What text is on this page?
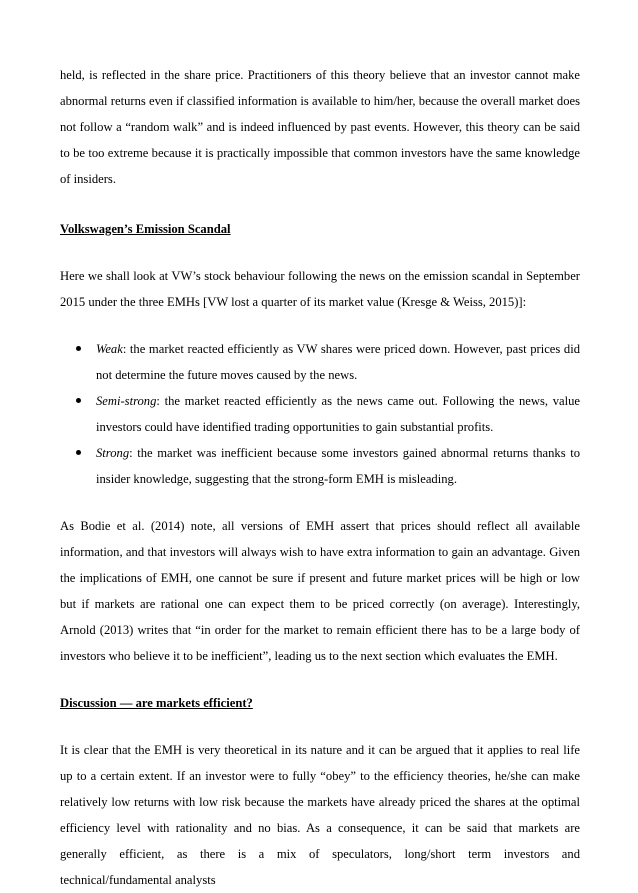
held, is reflected in the share price. Practitioners of this theory believe that an investor cannot make abnormal returns even if classified information is available to him/her, because the overall market does not follow a “random walk” and is indeed influenced by past events. However, this theory can be said to be too extreme because it is practically impossible that common investors have the same knowledge of insiders.

Volkswagen’s Emission Scandal

Here we shall look at VW’s stock behaviour following the news on the emission scandal in September 2015 under the three EMHs [VW lost a quarter of its market value (Kresge & Weiss, 2015)]:

Weak: the market reacted efficiently as VW shares were priced down. However, past prices did not determine the future moves caused by the news.
Semi-strong: the market reacted efficiently as the news came out. Following the news, value investors could have identified trading opportunities to gain substantial profits.
Strong: the market was inefficient because some investors gained abnormal returns thanks to insider knowledge, suggesting that the strong-form EMH is misleading.

As Bodie et al. (2014) note, all versions of EMH assert that prices should reflect all available information, and that investors will always wish to have extra information to gain an advantage. Given the implications of EMH, one cannot be sure if present and future market prices will be high or low but if markets are rational one can expect them to be priced correctly (on average). Interestingly, Arnold (2013) writes that “in order for the market to remain efficient there has to be a large body of investors who believe it to be inefficient”, leading us to the next section which evaluates the EMH.

Discussion — are markets efficient?

It is clear that the EMH is very theoretical in its nature and it can be argued that it applies to real life up to a certain extent. If an investor were to fully “obey” to the efficiency theories, he/she can make relatively low returns with low risk because the markets have already priced the shares at the optimal efficiency level with rationality and no bias. As a consequence, it can be said that markets are generally efficient, as there is a mix of speculators, long/short term investors and technical/fundamental analysts
